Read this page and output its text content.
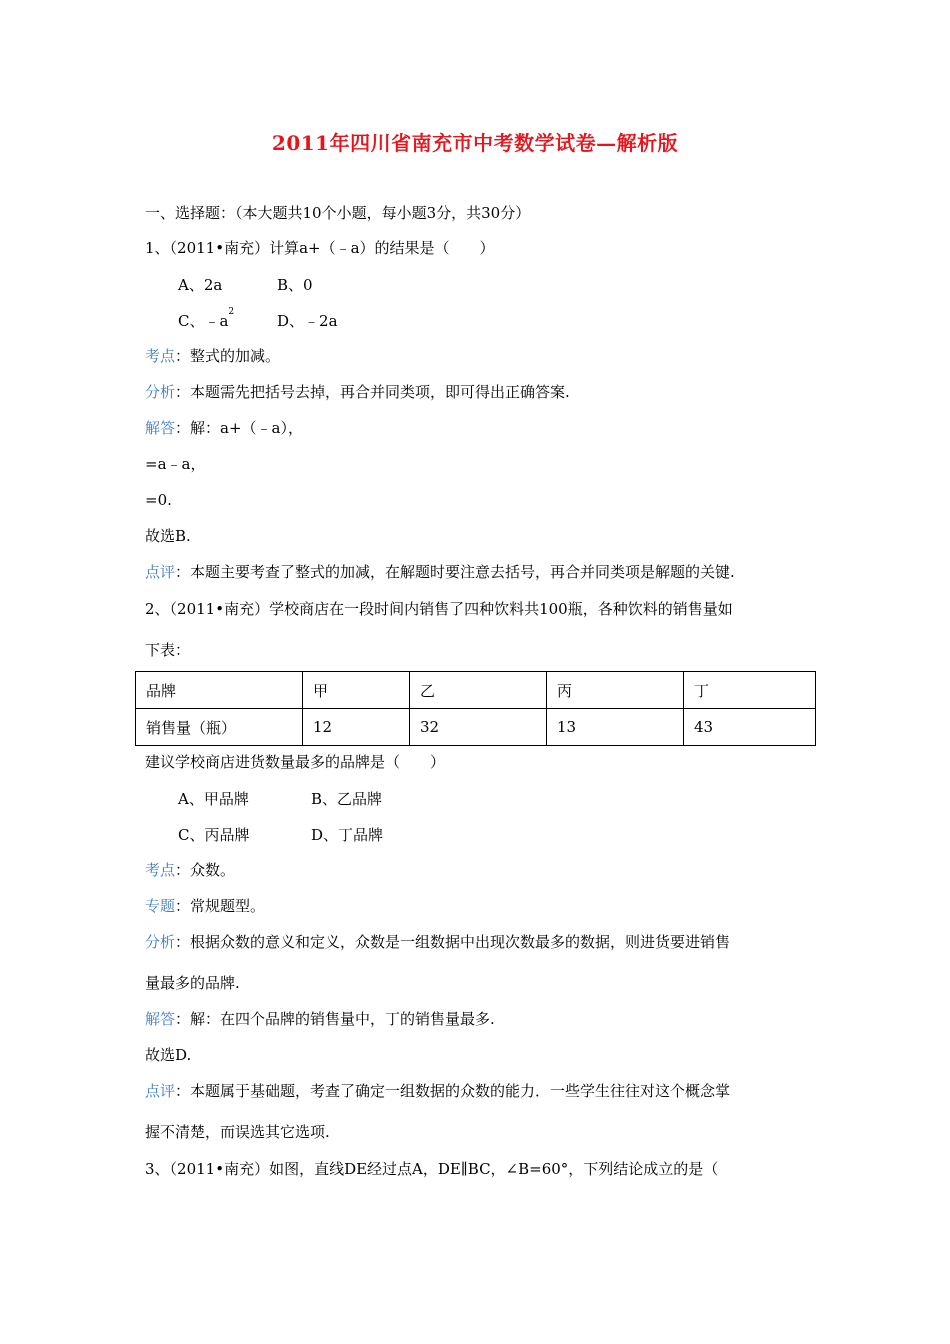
2011年四川省南充市中考数学试卷—解析版
一、选择题：（本大题共10个小题，每小题3分，共30分）
1、（2011•南充）计算a+（﹣a）的结果是（　　）
A、2a	B、0
C、$﹣a^2$	D、﹣2a
考点：整式的加减。
分析：本题需先把括号去掉，再合并同类项，即可得出正确答案.
解答：解：a+（﹣a），
=a﹣a，
=0.
故选B.
点评：本题主要考查了整式的加减，在解题时要注意去括号，再合并同类项是解题的关键.
2、（2011•南充）学校商店在一段时间内销售了四种饮料共100瓶，各种饮料的销售量如
下表：
品牌	甲	乙	丙	丁
销售量（瓶）	12	32	13	43
建议学校商店进货数量最多的品牌是（　　）
A、甲品牌	B、乙品牌
C、丙品牌	D、丁品牌
考点：众数。
专题：常规题型。
分析：根据众数的意义和定义，众数是一组数据中出现次数最多的数据，则进货要进销售
量最多的品牌.
解答：解：在四个品牌的销售量中，丁的销售量最多.
故选D.
点评：本题属于基础题，考查了确定一组数据的众数的能力．一些学生往往对这个概念掌
握不清楚，而误选其它选项.
3、（2011•南充）如图，直线DE经过点A，DE∥BC，∠B=60°，下列结论成立的是（
